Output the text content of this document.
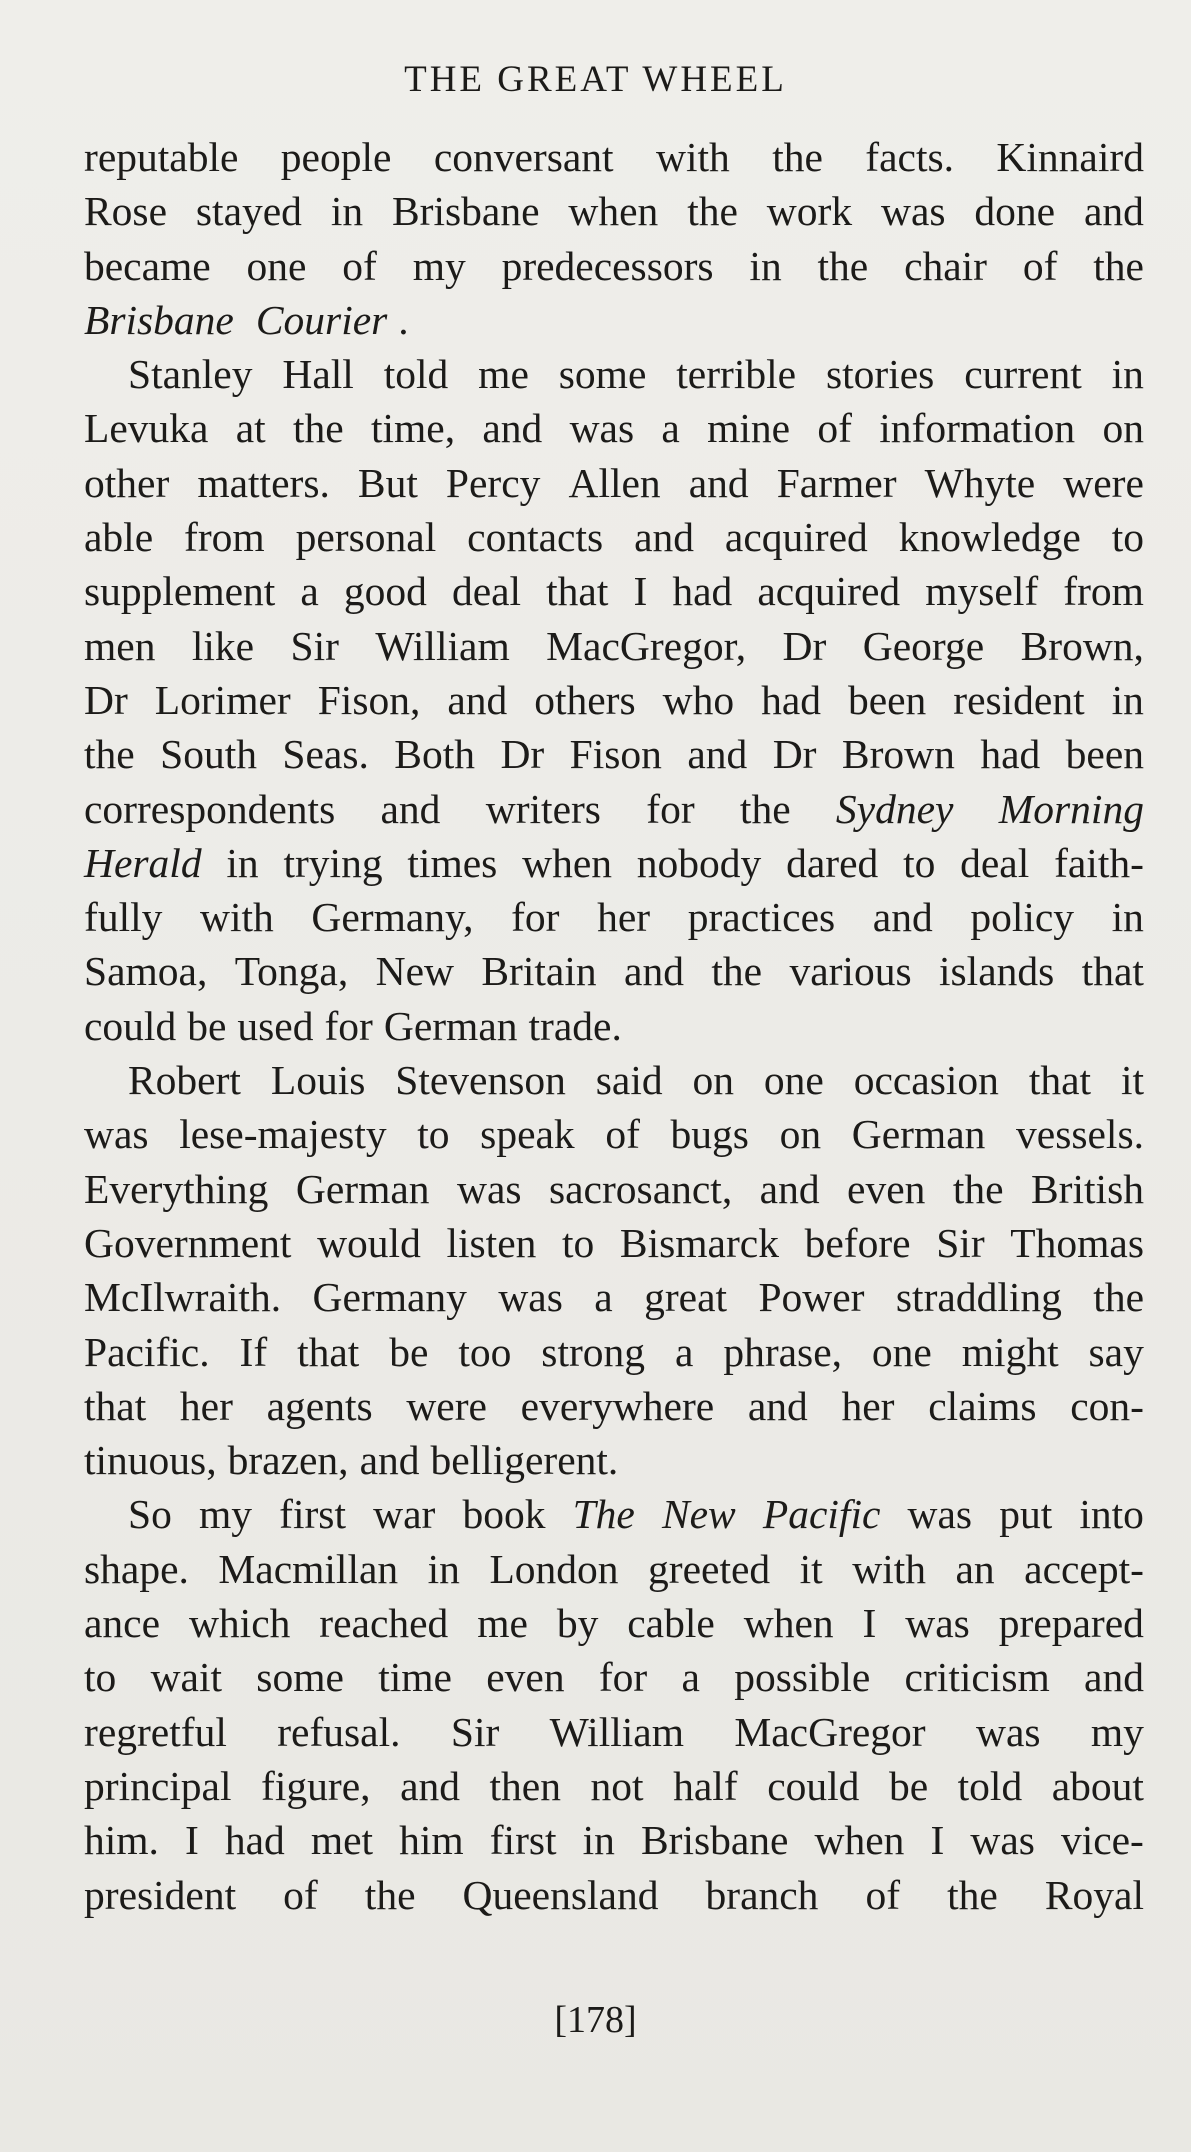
THE GREAT WHEEL
reputable people conversant with the facts. Kinnaird
Rose stayed in Brisbane when the work was done and
became one of my predecessors in the chair of the
Brisbane Courier .
Stanley Hall told me some terrible stories current in
Levuka at the time, and was a mine of information on
other matters. But Percy Allen and Farmer Whyte were
able from personal contacts and acquired knowledge to
supplement a good deal that I had acquired myself from
men like Sir William MacGregor, Dr George Brown,
Dr Lorimer Fison, and others who had been resident in
the South Seas. Both Dr Fison and Dr Brown had been
correspondents and writers for the Sydney Morning
Herald in trying times when nobody dared to deal faith-
fully with Germany, for her practices and policy in
Samoa, Tonga, New Britain and the various islands that
could be used for German trade.
Robert Louis Stevenson said on one occasion that it
was lese-majesty to speak of bugs on German vessels.
Everything German was sacrosanct, and even the British
Government would listen to Bismarck before Sir Thomas
McIlwraith. Germany was a great Power straddling the
Pacific. If that be too strong a phrase, one might say
that her agents were everywhere and her claims con-
tinuous, brazen, and belligerent.
So my first war book The New Pacific was put into
shape. Macmillan in London greeted it with an accept-
ance which reached me by cable when I was prepared
to wait some time even for a possible criticism and
regretful refusal. Sir William MacGregor was my
principal figure, and then not half could be told about
him. I had met him first in Brisbane when I was vice-
president of the Queensland branch of the Royal
[178]
